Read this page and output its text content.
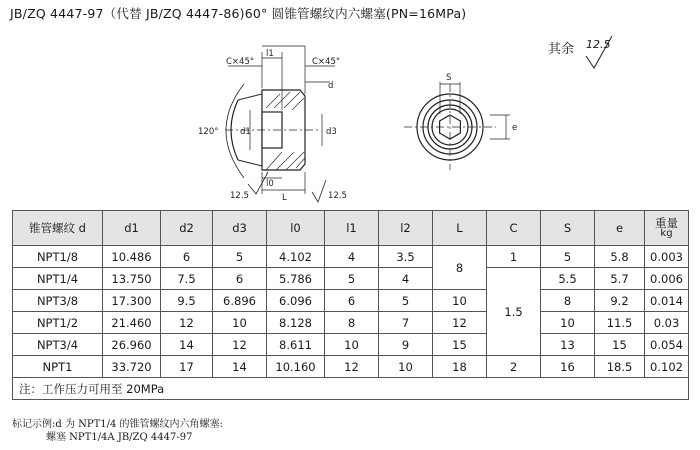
JB/ZQ 4447-97（代替 JB/ZQ 4447-86)60° 圆锥管螺纹内六螺塞(PN=16MPa)
l1
C×45°	C×45°
d
120°	d1	d3
l0
L
12.5	12.5
S
e
其余 12.5
锥管螺纹 d	d1	d2	d3	l0	l1	l2	L	C	S	e	重量
kg

NPT1/8	10.486	6	5	4.102	4	3.5	8	1	5	5.8	0.003
NPT1/4	13.750	7.5	6	5.786	5	4		1.5	5.5	5.7	0.006
NPT3/8	17.300	9.5	6.896	6.096	6	5	10		8	9.2	0.014
NPT1/2	21.460	12	10	8.128	8	7	12		10	11.5	0.03
NPT3/4	26.960	14	12	8.611	10	9	15		13	15	0.054
NPT1	33.720	17	14	10.160	12	10	18	2	16	18.5	0.102
注：工作压力可用至 20MPa											
标记示例:d 为 NPT1/4 的锥管螺纹内六角螺塞:
螺塞 NPT1/4A JB/ZQ 4447-97
